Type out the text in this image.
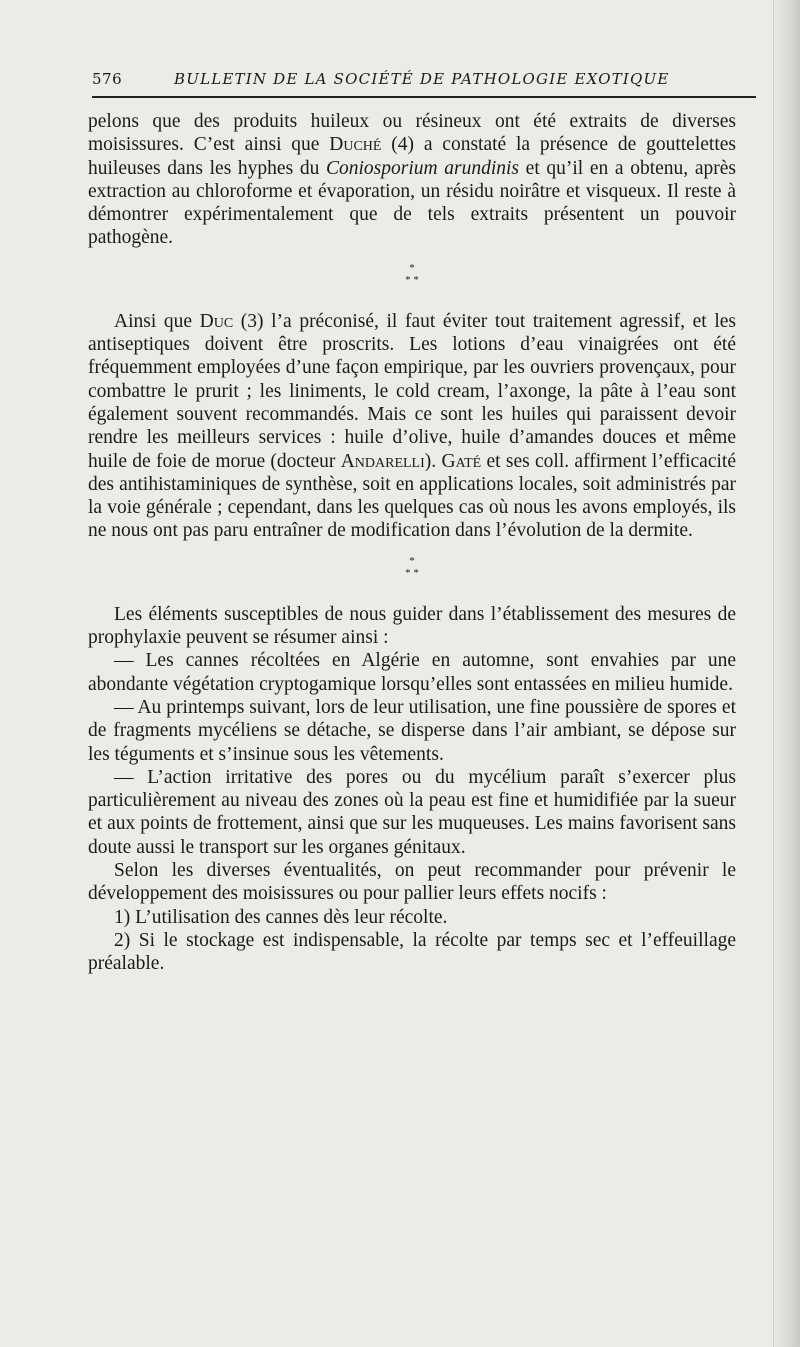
576	BULLETIN DE LA SOCIÉTÉ DE PATHOLOGIE EXOTIQUE

pelons que des produits huileux ou résineux ont été extraits de diverses moisissures. C’est ainsi que Duché (4) a constaté la présence de gouttelettes huileuses dans les hyphes du Coniosporium arundinis et qu’il en a obtenu, après extraction au chloroforme et évaporation, un résidu noirâtre et visqueux. Il reste à démontrer expérimentalement que de tels extraits présentent un pouvoir pathogène.

*
* *

Ainsi que Duc (3) l’a préconisé, il faut éviter tout traitement agressif, et les antiseptiques doivent être proscrits. Les lotions d’eau vinaigrées ont été fréquemment employées d’une façon empirique, par les ouvriers provençaux, pour combattre le prurit ; les liniments, le cold cream, l’axonge, la pâte à l’eau sont également souvent recommandés. Mais ce sont les huiles qui paraissent devoir rendre les meilleurs services : huile d’olive, huile d’amandes douces et même huile de foie de morue (docteur Andarelli). Gaté et ses coll. affirment l’efficacité des antihistaminiques de synthèse, soit en applications locales, soit administrés par la voie générale ; cependant, dans les quelques cas où nous les avons employés, ils ne nous ont pas paru entraîner de modification dans l’évolution de la dermite.

*
* *

Les éléments susceptibles de nous guider dans l’établissement des mesures de prophylaxie peuvent se résumer ainsi :

— Les cannes récoltées en Algérie en automne, sont envahies par une abondante végétation cryptogamique lorsqu’elles sont entassées en milieu humide.

— Au printemps suivant, lors de leur utilisation, une fine poussière de spores et de fragments mycéliens se détache, se disperse dans l’air ambiant, se dépose sur les téguments et s’insinue sous les vêtements.

— L’action irritative des pores ou du mycélium paraît s’exercer plus particulièrement au niveau des zones où la peau est fine et humidifiée par la sueur et aux points de frottement, ainsi que sur les muqueuses. Les mains favorisent sans doute aussi le transport sur les organes génitaux.

Selon les diverses éventualités, on peut recommander pour prévenir le développement des moisissures ou pour pallier leurs effets nocifs :

1) L’utilisation des cannes dès leur récolte.

2) Si le stockage est indispensable, la récolte par temps sec et l’effeuillage préalable.
